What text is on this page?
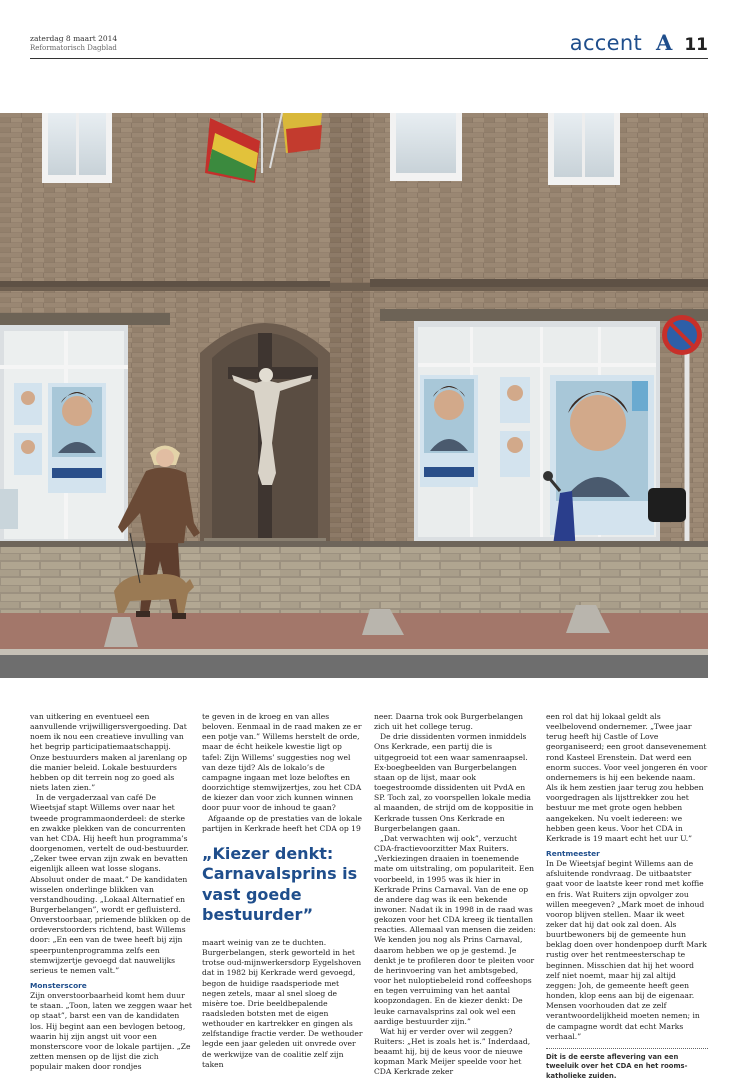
zaterdag 8 maart 2014
Reformatorisch Dagblad	accent A 11

van uitkering en eventueel een aanvullende vrijwilligersvergoeding. Dat noem ik nou een creatieve invulling van het begrip participatiemaatschappij. Onze bestuurders maken al jarenlang op die manier beleid. Lokale bestuurders hebben op dit terrein nog zo goed als niets laten zien.”

In de vergaderzaal van café De Wieetsjaf stapt Willems over naar het tweede programmaonderdeel: de sterke en zwakke plekken van de concurrenten van het CDA. Hij heeft hun programma’s doorgenomen, vertelt de oud-bestuurder. „Zeker twee ervan zijn zwak en bevatten eigenlijk alleen wat losse slogans. Absoluut onder de maat.” De kandidaten wisselen onderlinge blikken van verstandhouding. „Lokaal Alternatief en Burgerbelangen”, wordt er gefluisterd. Onverstoorbaar, priemende blikken op de ordeverstoorders richtend, bast Willems door: „En een van de twee heeft bij zijn speerpuntenprogramma zelfs een stemwijzertje gevoegd dat nauwelijks serieus te nemen valt.”

Monsterscore

Zijn onverstoorbaarheid komt hem duur te staan. „Toon, laten we zeggen waar het op staat”, barst een van de kandidaten los. Hij begint aan een bevlogen betoog, waarin hij zijn angst uit voor een monsterscore voor de lokale partijen. „Ze zetten mensen op de lijst die zich populair maken door rondjes

te geven in de kroeg en van alles beloven. Eenmaal in de raad maken ze er een potje van.” Willems herstelt de orde, maar de écht heikele kwestie ligt op tafel: Zijn Willems’ suggesties nog wel van deze tijd? Als de lokalo’s de campagne ingaan met loze beloftes en doorzichtige stemwijzertjes, zou het CDA de kiezer dan voor zich kunnen winnen door puur voor de inhoud te gaan?

Afgaande op de prestaties van de lokale partijen in Kerkrade heeft het CDA op 19

„Kiezer denkt: Carnavalsprins is vast goede bestuurder”

maart weinig van ze te duchten. Burgerbelangen, sterk geworteld in het trotse oud-mijnwerkersdorp Eygelshoven dat in 1982 bij Kerkrade werd gevoegd, begon de huidige raadsperiode met negen zetels, maar al snel sloeg de misère toe. Drie beeldbepalende raadsleden botsten met de eigen wethouder en kartrekker en gingen als zelfstandige fractie verder. De wethouder legde een jaar geleden uit onvrede over de werkwijze van de coalitie zelf zijn taken

neer. Daarna trok ook Burgerbelangen zich uit het college terug.

De drie dissidenten vormen inmiddels Ons Kerkrade, een partij die is uitgegroeid tot een waar samenraapsel. Ex-boegbeelden van Burgerbelangen staan op de lijst, maar ook toegestroomde dissidenten uit PvdA en SP. Toch zal, zo voorspellen lokale media al maanden, de strijd om de koppositie in Kerkrade tussen Ons Kerkrade en Burgerbelangen gaan.

„Dat verwachten wij ook”, verzucht CDA-fractievoorzitter Max Ruiters. „Verkiezingen draaien in toenemende mate om uitstraling, om populariteit. Een voorbeeld, in 1995 was ik hier in Kerkrade Prins Carnaval. Van de ene op de andere dag was ik een bekende inwoner. Nadat ik in 1998 in de raad was gekozen voor het CDA kreeg ik tientallen reacties. Allemaal van mensen die zeiden: We kenden jou nog als Prins Carnaval, daarom hebben we op je gestemd. Je denkt je te profileren door te pleiten voor de herinvoering van het ambtsgebed, voor het nuloptiebeleid rond coffeeshops en tegen verruiming van het aantal koopzondagen. En de kiezer denkt: De leuke carnavalsprins zal ook wel een aardige bestuurder zijn.”

Wat hij er verder over wil zeggen? Ruiters: „Het is zoals het is.” Inderdaad, beaamt hij, bij de keus voor de nieuwe kopman Mark Meijer speelde voor het CDA Kerkrade zeker

een rol dat hij lokaal geldt als veelbelovend ondernemer. „Twee jaar terug heeft hij Castle of Love georganiseerd; een groot dansevenement rond Kasteel Erenstein. Dat werd een enorm succes. Voor veel jongeren én voor ondernemers is hij een bekende naam. Als ik hem zestien jaar terug zou hebben voorgedragen als lijsttrekker zou het bestuur me met grote ogen hebben aangekeken. Nu voelt iedereen: we hebben geen keus. Voor het CDA in Kerkrade is 19 maart echt het uur U.”

Rentmeester

In De Wieetsjaf begint Willems aan de afsluitende rondvraag. De uitbaatster gaat voor de laatste keer rond met koffie en fris. Wat Ruiters zijn opvolger zou willen meegeven? „Mark moet de inhoud voorop blijven stellen. Maar ik weet zeker dat hij dat ook zal doen. Als buurtbewoners bij de gemeente hun beklag doen over hondenpoep durft Mark rustig over het rentmeesterschap te beginnen. Misschien dat hij het woord zelf niet noemt, maar hij zal altijd zeggen: Joh, de gemeente heeft geen honden, klop eens aan bij de eigenaar. Mensen voorhouden dat ze zelf verantwoordelijkheid moeten nemen; in de campagne wordt dat echt Marks verhaal.”

Dit is de eerste aflevering van een tweeluik over het CDA en het rooms-katholieke zuiden.
